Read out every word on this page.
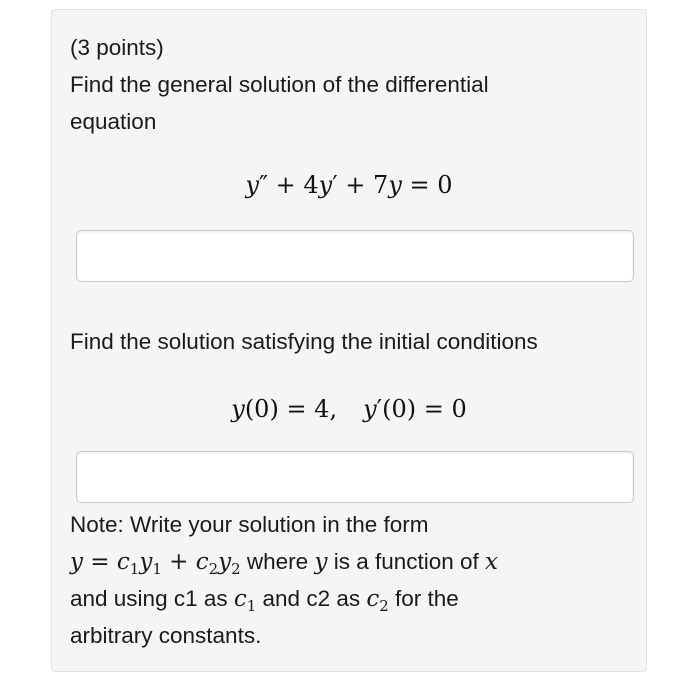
(3 points)
Find the general solution of the differential
equation
y″ + 4y′ + 7y = 0
Find the solution satisfying the initial conditions
y(0) = 4, y′(0) = 0
Note: Write your solution in the form
$y = c_1y_1 + c_2y_2$ where y is a function of x
and using c1 as $c_1$ and c2 as $c_2$ for the
arbitrary constants.
